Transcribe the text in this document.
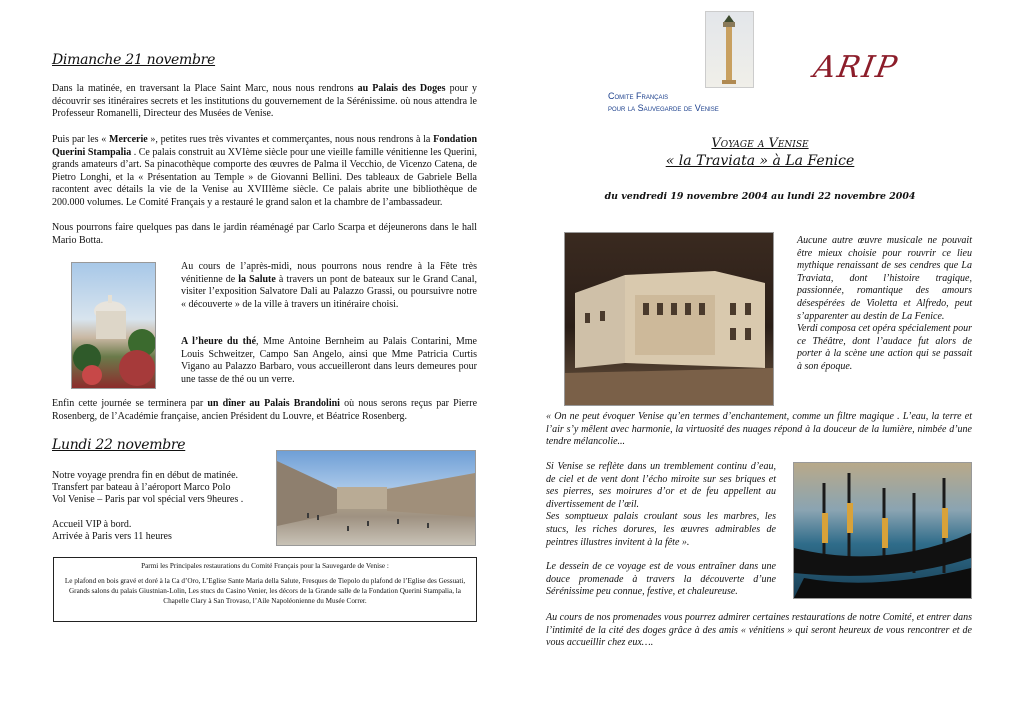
Dimanche 21 novembre

Dans la matinée, en traversant la Place Saint Marc, nous nous rendrons au Palais des Doges pour y découvrir ses itinéraires secrets et les institutions du gouvernement de la Sérénissime. où nous attendra le Professeur Romanelli, Directeur des Musées de Venise.

Puis par les « Mercerie », petites rues très vivantes et commerçantes, nous nous rendrons à la Fondation Querini Stampalia . Ce palais construit au XVIème siècle pour une vieille famille vénitienne les Querini, grands amateurs d’art. Sa pinacothèque comporte des œuvres de Palma il Vecchio, de Vicenzo Catena, de Pietro Longhi, et la « Présentation au Temple » de Giovanni Bellini. Des tableaux de Gabriele Bella racontent avec détails la vie de la Venise au XVIIIème siècle. Ce palais abrite une bibliothèque de 200.000 volumes. Le Comité Français y a restauré le grand salon et la chambre de l’ambassadeur.

Nous pourrons faire quelques pas dans le jardin réaménagé par Carlo Scarpa et déjeunerons dans le hall Mario Botta.

Au cours de l’après-midi, nous pourrons nous rendre à la Fête très vénitienne de la Salute à travers un pont de bateaux sur le Grand Canal, visiter l’exposition Salvatore Dali au Palazzo Grassi, ou poursuivre notre « découverte » de la ville à travers un itinéraire choisi.

A l’heure du thé, Mme Antoine Bernheim au Palais Contarini, Mme Louis Schweitzer, Campo San Angelo, ainsi que Mme Patricia Curtis Vigano au Palazzo Barbaro, vous accueilleront dans leurs demeures pour une tasse de thé ou un verre.

Enfin cette journée se terminera par un dîner au Palais Brandolini où nous serons reçus par Pierre Rosenberg, de l’Académie française, ancien Président du Louvre, et Béatrice Rosenberg.

Lundi 22 novembre
Notre voyage prendra fin en début de matinée.
Transfert par bateau à l’aéroport Marco Polo
Vol Venise – Paris par vol spécial vers 9heures .
Accueil VIP à bord.
Arrivée à Paris vers 11 heures
Parmi les Principales restaurations du Comité Français pour la Sauvegarde de Venise :
Le plafond en bois gravé et doré à la Ca d’Oro, L’Eglise Sante Maria della Salute, Fresques de Tiepolo du plafond de l’Eglise des Gessuati, Grands salons du palais Giustnian-Lolin, Les stucs du Casino Venier, les décors de la Grande salle de la Fondation Querini Stampalia, la Chapelle Clary à San Trovaso, l’Aile Napoléonienne du Musée Correr.
ARIP
Comite Français
pour la Sauvegarde de Venise
Voyage a Venise
« la Traviata » à La Fenice
du vendredi 19 novembre 2004 au lundi 22 novembre 2004
Aucune autre œuvre musicale ne pouvait être mieux choisie pour rouvrir ce lieu mythique renaissant de ses cendres que La Traviata, dont l’histoire tragique, passionnée, romantique des amours désespérées de Violetta et Alfredo, peut s’apparenter au destin de La Fenice.
Verdi composa cet opéra spécialement pour ce Théâtre, dont l’audace fut alors de porter à la scène une action qui se passait à son époque.

« On ne peut évoquer Venise qu’en termes d’enchantement, comme un filtre magique . L’eau, la terre et l’air s’y mêlent avec harmonie, la virtuosité des nuages répond à la douceur de la lumière, nimbée d’une tendre mélancolie...

Si Venise se reflète dans un tremblement continu d’eau, de ciel et de vent dont l’écho miroite sur ses briques et ses pierres, ses moirures d’or et de feu appellent au divertissement de l’œil.
Ses somptueux palais croulant sous les marbres, les stucs, les riches dorures, les œuvres admirables de peintres illustres invitent à la fête ».

Le dessein de ce voyage est de vous entraîner dans une douce promenade à travers la découverte d’une Sérénissime peu connue, festive, et chaleureuse.

Au cours de nos promenades vous pourrez admirer certaines restaurations de notre Comité, et entrer dans l’intimité de la cité des doges grâce à des amis « vénitiens » qui seront heureux de vous rencontrer et de vous accueillir chez eux….
